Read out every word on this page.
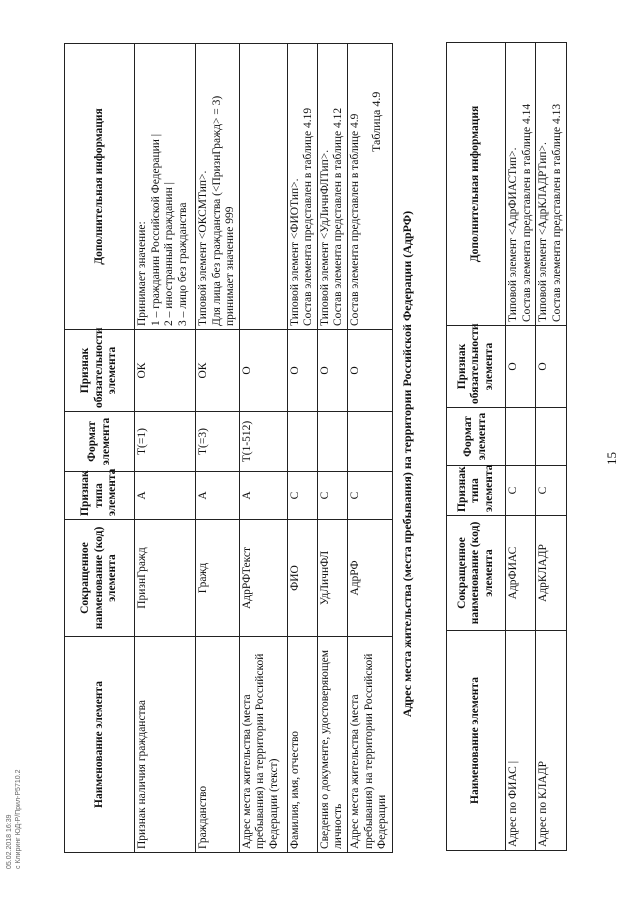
05.02.2018 16:39 с Клиринг ЮД-Р/Прил-Р5710.2
15
Наименование элемента	Сокращенное наименование (код) элемента	Признак типа элемента	Формат элемента	Признак обязательности элемента	Дополнительная информация
Признак наличия гражданства	ПризнГражд	А	T(=1)	ОК	Принимает значение: 1 – гражданин Российской Федерации | 2 – иностранный гражданин | 3 – лицо без гражданства

Гражданство	Гражд	А	T(=3)	ОК	Типовой элемент <ОКСМТип>. Для лица без гражданства (<ПризнГражд> = 3) принимает значение 999

Адрес места жительства (места пребывания) на территории Российской Федерации (текст)	АдрРФТекст	А	T(1-512)	О	
Фамилия, имя, отчество	ФИО	С		О	Типовой элемент <ФИОТип>. Состав элемента представлен в таблице 4.19

Сведения о документе, удостоверяющем личность	УдЛичнФЛ	С		О	Типовой элемент <УдЛичнФЛТип>. Состав элемента представлен в таблице 4.12

Адрес места жительства (места пребывания) на территории Российской Федерации	АдрРФ	С		О	Состав элемента представлен в таблице 4.9 Таблица 4.9
Адрес места жительства (места пребывания) на территории Российской Федерации (АдрРФ)
Наименование элемента	Сокращенное наименование (код) элемента	Признак типа элемента	Формат элемента	Признак обязательности элемента	Дополнительная информация
Адрес по ФИАС |	АдрФИАС	С		О	Типовой элемент <АдрФИАСТип>. Состав элемента представлен в таблице 4.14

Адрес по КЛАДР	АдрКЛАДР	С		О	Типовой элемент <АдрКЛАДРТип>. Состав элемента представлен в таблице 4.13
